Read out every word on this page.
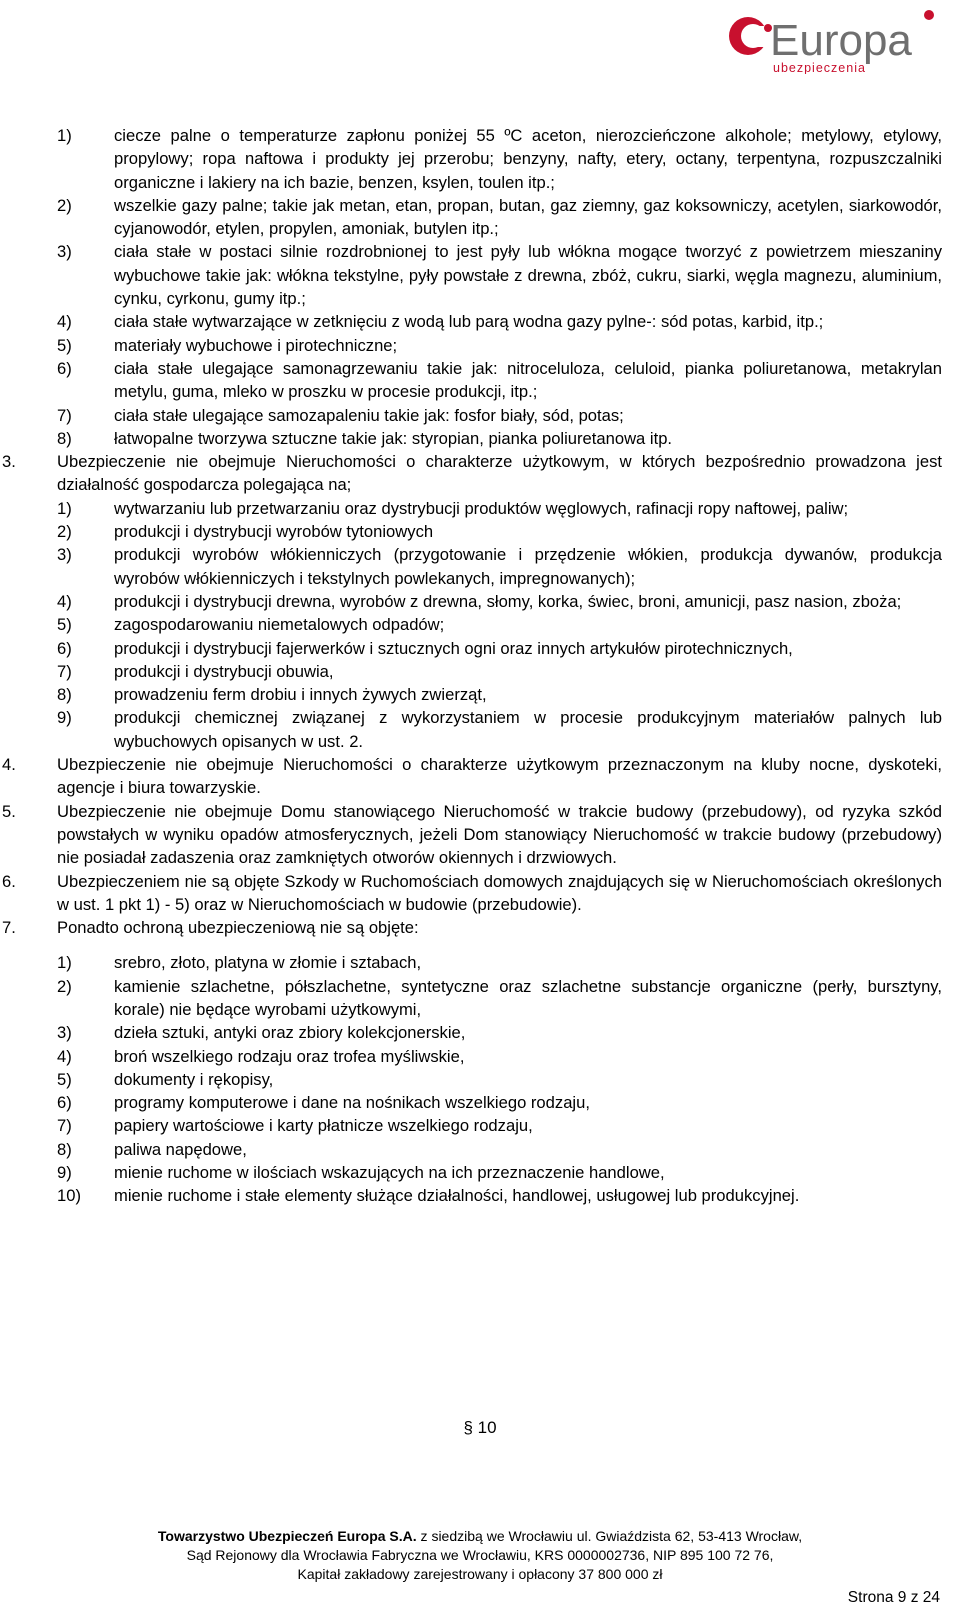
Europa
ubezpieczenia
1)	ciecze palne o temperaturze zapłonu poniżej 55 ºC aceton, nierozcieńczone alkohole; metylowy, etylowy, propylowy; ropa naftowa i produkty jej przerobu; benzyny, nafty, etery, octany, terpentyna, rozpuszczalniki organiczne i lakiery na ich bazie, benzen, ksylen, toulen itp.;
2)	wszelkie gazy palne; takie jak metan, etan, propan, butan, gaz ziemny, gaz koksowniczy, acetylen, siarkowodór, cyjanowodór, etylen, propylen, amoniak, butylen itp.;
3)	ciała stałe w postaci silnie rozdrobnionej to jest pyły lub włókna mogące tworzyć z powietrzem mieszaniny wybuchowe takie jak: włókna tekstylne, pyły powstałe z drewna, zbóż, cukru, siarki, węgla magnezu, aluminium, cynku, cyrkonu, gumy itp.;
4)	ciała stałe wytwarzające w zetknięciu z wodą lub parą wodna gazy pylne-: sód potas, karbid, itp.;
5)	materiały wybuchowe i pirotechniczne;
6)	ciała stałe ulegające samonagrzewaniu takie jak: nitroceluloza, celuloid, pianka poliuretanowa, metakrylan metylu, guma, mleko w proszku w procesie produkcji, itp.;
7)	ciała stałe ulegające samozapaleniu takie jak: fosfor biały, sód, potas;
8)	łatwopalne tworzywa sztuczne takie jak: styropian, pianka poliuretanowa itp.
3. Ubezpieczenie nie obejmuje Nieruchomości o charakterze użytkowym, w których bezpośrednio prowadzona jest działalność gospodarcza polegająca na;
1)	wytwarzaniu lub przetwarzaniu oraz dystrybucji produktów węglowych, rafinacji ropy naftowej, paliw;
2)	produkcji i dystrybucji wyrobów tytoniowych
3)	produkcji wyrobów włókienniczych (przygotowanie i przędzenie włókien, produkcja dywanów, produkcja wyrobów włókienniczych i tekstylnych powlekanych, impregnowanych);
4)	produkcji i dystrybucji drewna, wyrobów z drewna, słomy, korka, świec, broni, amunicji, pasz nasion, zboża;
5)	zagospodarowaniu niemetalowych odpadów;
6)	produkcji i dystrybucji fajerwerków i sztucznych ogni oraz innych artykułów pirotechnicznych,
7)	produkcji i dystrybucji obuwia,
8)	prowadzeniu ferm drobiu i innych żywych zwierząt,
9)	produkcji chemicznej związanej z wykorzystaniem w procesie produkcyjnym materiałów palnych lub wybuchowych opisanych w ust. 2.
4. Ubezpieczenie nie obejmuje Nieruchomości o charakterze użytkowym przeznaczonym na kluby nocne, dyskoteki, agencje i biura towarzyskie.
5. Ubezpieczenie nie obejmuje Domu stanowiącego Nieruchomość w trakcie budowy (przebudowy), od ryzyka szkód powstałych w wyniku opadów atmosferycznych, jeżeli Dom stanowiący Nieruchomość w trakcie budowy (przebudowy) nie posiadał zadaszenia oraz zamkniętych otworów okiennych i drzwiowych.
6. Ubezpieczeniem nie są objęte Szkody w Ruchomościach domowych znajdujących się w Nieruchomościach określonych w ust. 1 pkt 1) - 5) oraz w Nieruchomościach w budowie (przebudowie).
7. Ponadto ochroną ubezpieczeniową nie są objęte:
1)	srebro, złoto, platyna w złomie i sztabach,
2)	kamienie szlachetne, półszlachetne, syntetyczne oraz szlachetne substancje organiczne (perły, bursztyny, korale) nie będące wyrobami użytkowymi,
3)	dzieła sztuki, antyki oraz zbiory kolekcjonerskie,
4)	broń wszelkiego rodzaju oraz trofea myśliwskie,
5)	dokumenty i rękopisy,
6)	programy komputerowe i dane na nośnikach wszelkiego rodzaju,
7)	papiery wartościowe i karty płatnicze wszelkiego rodzaju,
8)	paliwa napędowe,
9)	mienie ruchome w ilościach wskazujących na ich przeznaczenie handlowe,
10) mienie ruchome i stałe elementy służące działalności, handlowej, usługowej lub produkcyjnej.
§ 10
Towarzystwo Ubezpieczeń Europa S.A. z siedzibą we Wrocławiu ul. Gwiaździsta 62, 53-413 Wrocław,
Sąd Rejonowy dla Wrocławia Fabryczna we Wrocławiu, KRS 0000002736, NIP 895 100 72 76,
Kapitał zakładowy zarejestrowany i opłacony 37 800 000 zł
Strona 9 z 24
